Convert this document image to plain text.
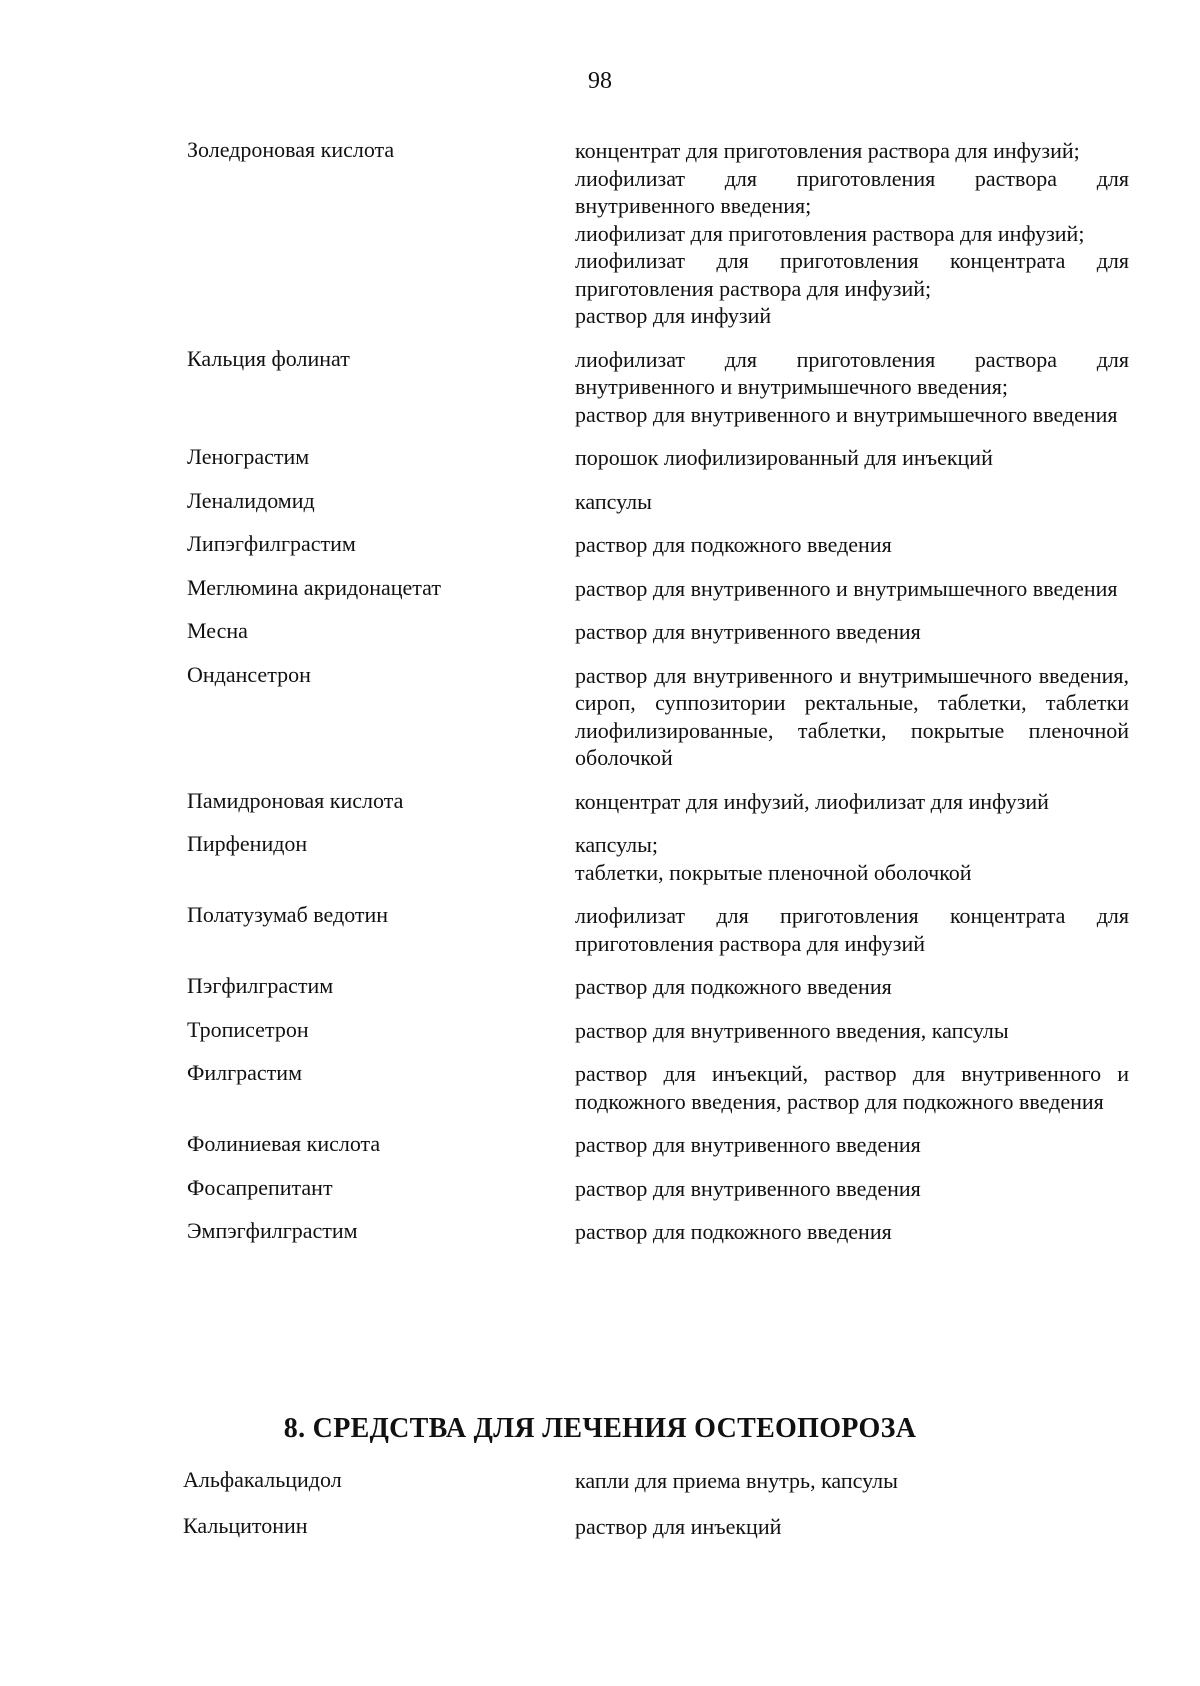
98
Золедроновая кислота	концентрат для приготовления раствора для инфузий;
лиофилизат для приготовления раствора для внутривенного введения;
лиофилизат для приготовления раствора для инфузий;
лиофилизат для приготовления концентрата для приготовления раствора для инфузий;
раствор для инфузий
Кальция фолинат	лиофилизат для приготовления раствора для внутривенного и внутримышечного введения;
раствор для внутривенного и внутримышечного введения
Ленограстим	порошок лиофилизированный для инъекций
Леналидомид	капсулы
Липэгфилграстим	раствор для подкожного введения
Меглюмина акридонацетат	раствор для внутривенного и внутримышечного введения
Месна	раствор для внутривенного введения
Ондансетрон	раствор для внутривенного и внутримышечного введения, сироп, суппозитории ректальные, таблетки, таблетки лиофилизированные, таблетки, покрытые пленочной оболочкой
Памидроновая кислота	концентрат для инфузий, лиофилизат для инфузий
Пирфенидон	капсулы;
таблетки, покрытые пленочной оболочкой
Полатузумаб ведотин	лиофилизат для приготовления концентрата для приготовления раствора для инфузий
Пэгфилграстим	раствор для подкожного введения
Трописетрон	раствор для внутривенного введения, капсулы
Филграстим	раствор для инъекций, раствор для внутривенного и подкожного введения, раствор для подкожного введения
Фолиниевая кислота	раствор для внутривенного введения
Фосапрепитант	раствор для внутривенного введения
Эмпэгфилграстим	раствор для подкожного введения
8. СРЕДСТВА ДЛЯ ЛЕЧЕНИЯ ОСТЕОПОРОЗА
Альфакальцидол	капли для приема внутрь, капсулы
Кальцитонин	раствор для инъекций
